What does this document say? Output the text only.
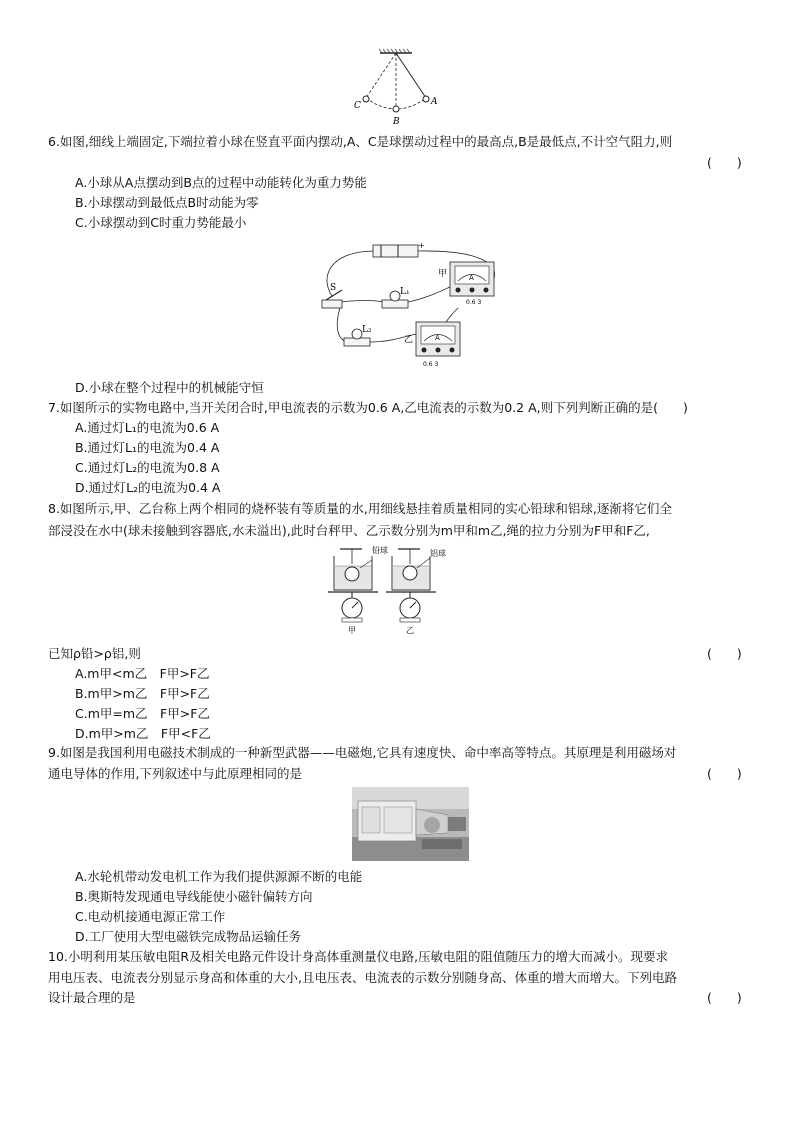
C
B
A
6.如图,细线上端固定,下端拉着小球在竖直平面内摆动,A、C是球摆动过程中的最高点,B是最低点,不计空气阻力,则
(　　)
A.小球从A点摆动到B点的过程中动能转化为重力势能
B.小球摆动到最低点B时动能为零
C.小球摆动到C时重力势能最小
+
S	L₁
L₂
A
0.6 3
甲
A
0.6 3
乙
D.小球在整个过程中的机械能守恒
7.如图所示的实物电路中,当开关闭合时,甲电流表的示数为0.6 A,乙电流表的示数为0.2 A,则下列判断正确的是(　　)
A.通过灯L₁的电流为0.6 A
B.通过灯L₁的电流为0.4 A
C.通过灯L₂的电流为0.8 A
D.通过灯L₂的电流为0.4 A
8.如图所示,甲、乙台称上两个相同的烧杯装有等质量的水,用细线悬挂着质量相同的实心铅球和铝球,逐渐将它们全
部浸没在水中(球未接触到容器底,水未溢出),此时台秤甲、乙示数分别为m甲和m乙,绳的拉力分别为F甲和F乙,
铅球
甲
铝球
乙
已知ρ铅>ρ铝,则	(　　)
A.m甲<m乙　F甲>F乙
B.m甲>m乙　F甲>F乙
C.m甲=m乙　F甲>F乙
D.m甲>m乙　F甲<F乙
9.如图是我国利用电磁技术制成的一种新型武器——电磁炮,它具有速度快、命中率高等特点。其原理是利用磁场对
通电导体的作用,下列叙述中与此原理相同的是	(　　)
A.水轮机带动发电机工作为我们提供源源不断的电能
B.奥斯特发现通电导线能使小磁针偏转方向
C.电动机接通电源正常工作
D.工厂使用大型电磁铁完成物品运输任务
10.小明利用某压敏电阻R及相关电路元件设计身高体重测量仪电路,压敏电阻的阻值随压力的增大而减小。现要求
用电压表、电流表分别显示身高和体重的大小,且电压表、电流表的示数分别随身高、体重的增大而增大。下列电路
设计最合理的是	(　　)
